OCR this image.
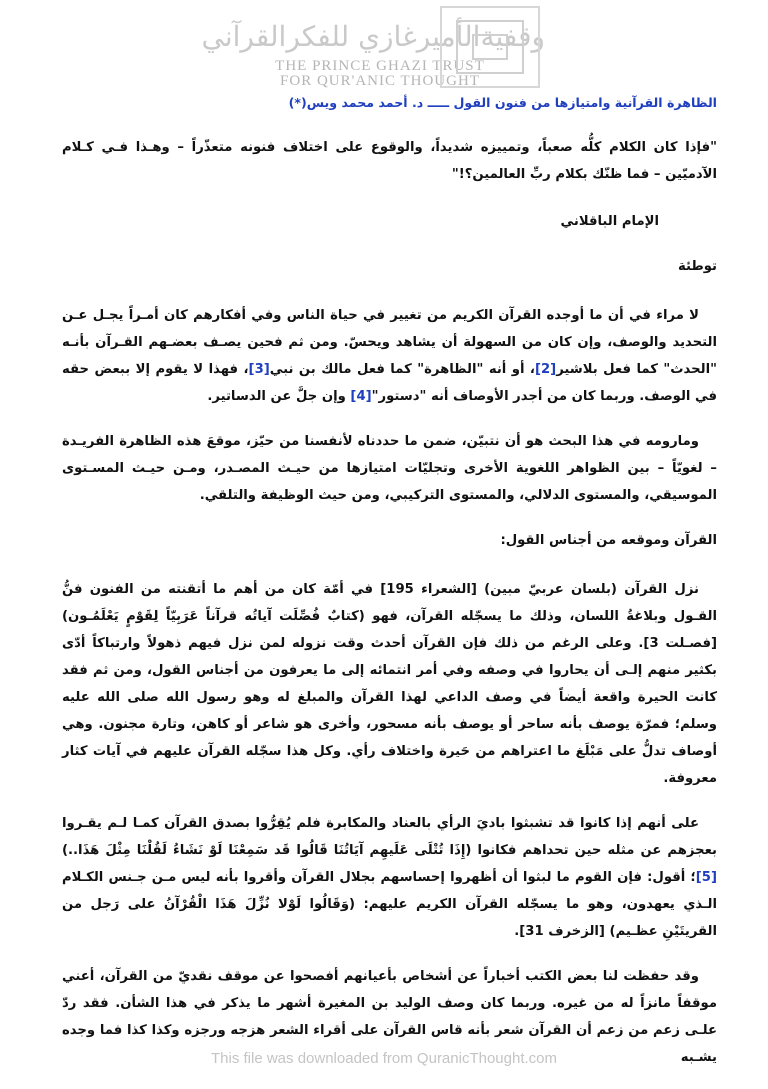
وقفيةالأميرغازي للفكرالقرآني
THE PRINCE GHAZI TRUST
FOR QUR'ANIC THOUGHT
الظاهرة القرآنية وامتيازها من فنون القول ـــــ د. أحمد محمد ويس(*)

"فإذا كان الكلام كلُّه صعباً، وتمييزه شديداً، والوقوع على اختلاف فنونه متعذّراً – وهـذا فـي كـلام الآدميّين – فما ظنّك بكلام ربِّ العالمين؟!"

الإمام الباقلاني

توطئة

لا مراء في أن ما أوجده القرآن الكريم من تغيير في حياة الناس وفي أفكارهم كان أمـراً يجـل عـن التحديد والوصف، وإن كان من السهولة أن يشاهد ويحسّ. ومن ثم فحين يصـف بعضـهم القـرآن بأنـه "الحدث" كما فعل بلاشير[2]، أو أنه "الظاهرة" كما فعل مالك بن نبي[3]، فهذا لا يقوم إلا ببعض حقه في الوصف. وربما كان من أجدر الأوصاف أنه "دستور"[4] وإن جلَّ عن الدساتير.

ومارومه في هذا البحث هو أن نتبيّن، ضمن ما حددناه لأنفسنا من حيّز، موقعَ هذه الظاهرة الفريـدة – لغويّاً – بين الظواهر اللغوية الأخرى وتجليّات امتيازها من حيـث المصـدر، ومـن حيـث المسـتوى الموسيقي، والمستوى الدلالي، والمستوى التركيبي، ومن حيث الوظيفة والتلقي.

القرآن وموقعه من أجناس القول:

نزل القرآن (بلسان عربيّ مبين) [الشعراء 195] في أمّة كان من أهم ما أتقنته من الفنون فنُّ القـول وبلاغةُ اللسان، وذلك ما يسجّله القرآن، فهو (كتابٌ فُصِّلَت آياتُه قرآناً عَرَبِيّاً لِقَوْمٍ يَعْلَمُـون) [فصـلت 3]. وعلى الرغم من ذلك فإن القرآن أحدث وقت نزوله لمن نزل فيهم ذهولاً وارتباكاً أدّى بكثير منهم إلـى أن يحاروا في وصفه وفي أمر انتمائه إلى ما يعرفون من أجناس القول، ومن ثم فقد كانت الحيرة واقعة أيضاً في وصف الداعي لهذا القرآن والمبلغ له وهو رسول الله صلى الله عليه وسلم؛ فمرّة يوصف بأنه ساحر أو يوصف بأنه مسحور، وأخرى هو شاعر أو كاهن، وتارة مجنون. وهي أوصاف تدلُّ على مَبْلَغ ما اعتراهم من حَيرة واختلاف رأي. وكل هذا سجّله القرآن عليهم في آيات كثار معروفة.

على أنهم إذا كانوا قد تشبثوا باديَ الرأي بالعناد والمكابرة فلم يُقِرُّوا بصدق القرآن كمـا لـم يقـروا بعجزهم عن مثله حين تحداهم فكانوا (إِذَا تُتْلَى عَلَيهِم آيَاتُنَا قَالُوا قَد سَمِعْنَا لَوْ نَشَاءُ لَقُلْنَا مِثْلَ هَذَا..)[5]؛ أقول: فإن القوم ما لبثوا أن أظهروا إحساسهم بجلال القرآن وأقروا بأنه ليس مـن جـنس الكـلام الـذي يعهدون، وهو ما يسجّله القرآن الكريم عليهم: (وَقَالُوا لَوْلا نُزِّلَ هَذَا الْقُرْآنُ على رَجل من القريتَيْنِ عظـيم) [الزخرف 31].

وقد حفظت لنا بعض الكتب أخباراً عن أشخاص بأعيانهم أفصحوا عن موقف نقديّ من القرآن، أعني موقفاً مانزاً له من غيره. وربما كان وصف الوليد بن المغيرة أشهر ما يذكر في هذا الشأن. فقد ردّ علـى زعم من زعم أن القرآن شعر بأنه قاس القرآن على أقراء الشعر هزجه ورجزه وكذا كذا فما وجده يشـبه

This file was downloaded from QuranicThought.com
